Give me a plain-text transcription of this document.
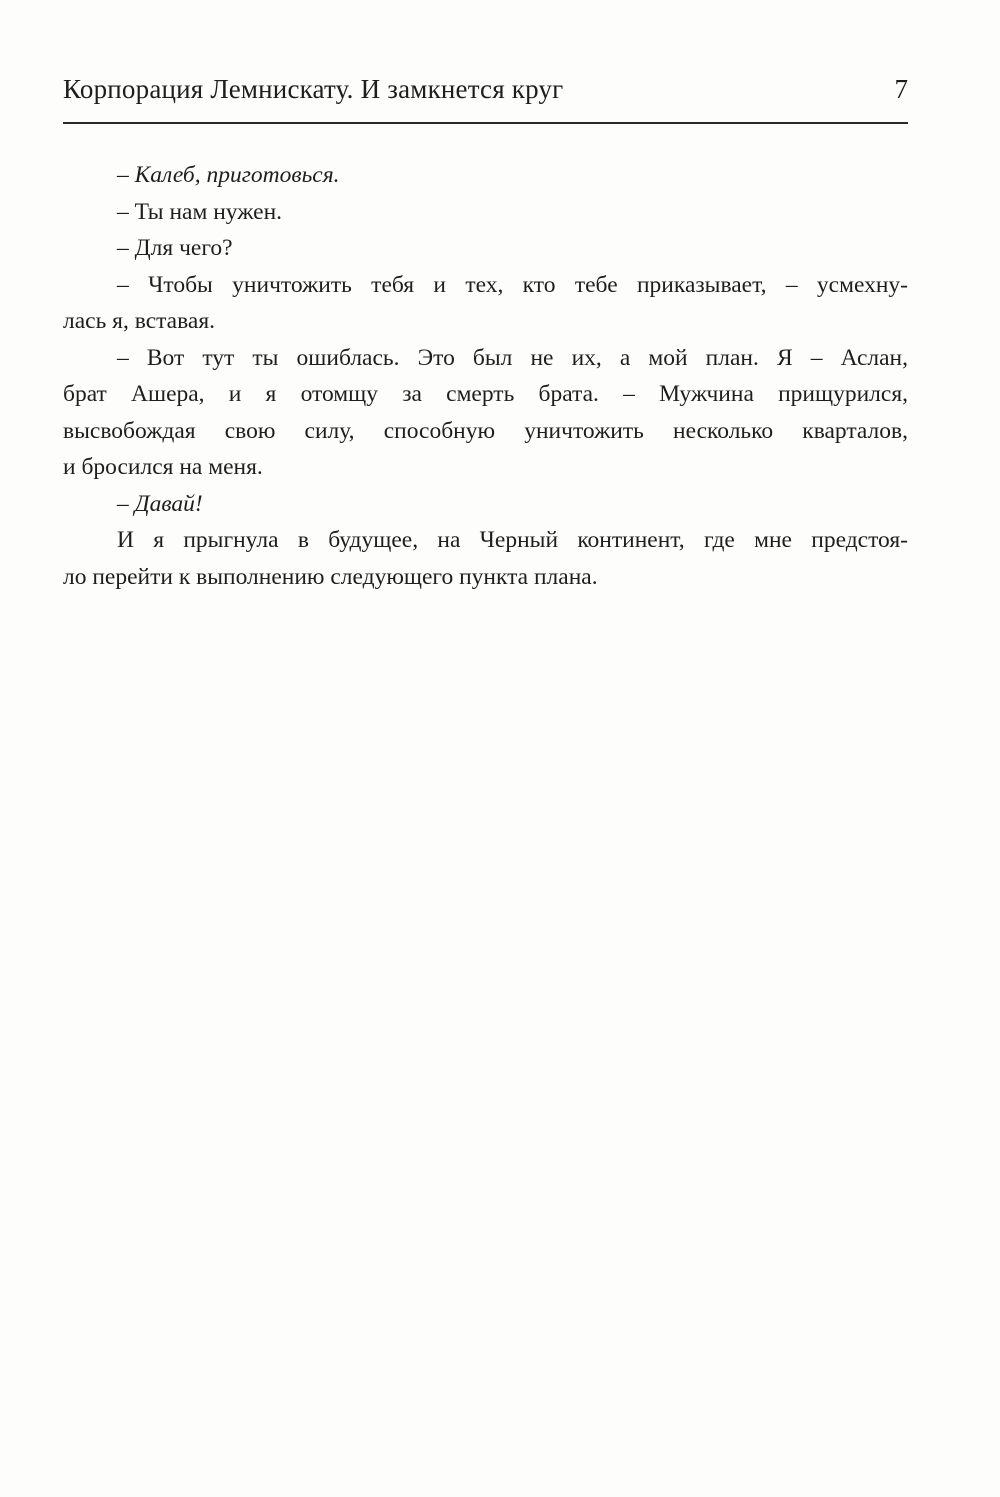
Корпорация Лемнискату. И замкнется круг	7
– Калеб, приготовься.
– Ты нам нужен.
– Для чего?
– Чтобы уничтожить тебя и тех, кто тебе приказывает, – усмехну-
лась я, вставая.
– Вот тут ты ошиблась. Это был не их, а мой план. Я – Аслан,
брат Ашера, и я отомщу за смерть брата. – Мужчина прищурился,
высвобождая свою силу, способную уничтожить несколько кварталов,
и бросился на меня.
– Давай!
И я прыгнула в будущее, на Черный континент, где мне предстоя-
ло перейти к выполнению следующего пункта плана.
